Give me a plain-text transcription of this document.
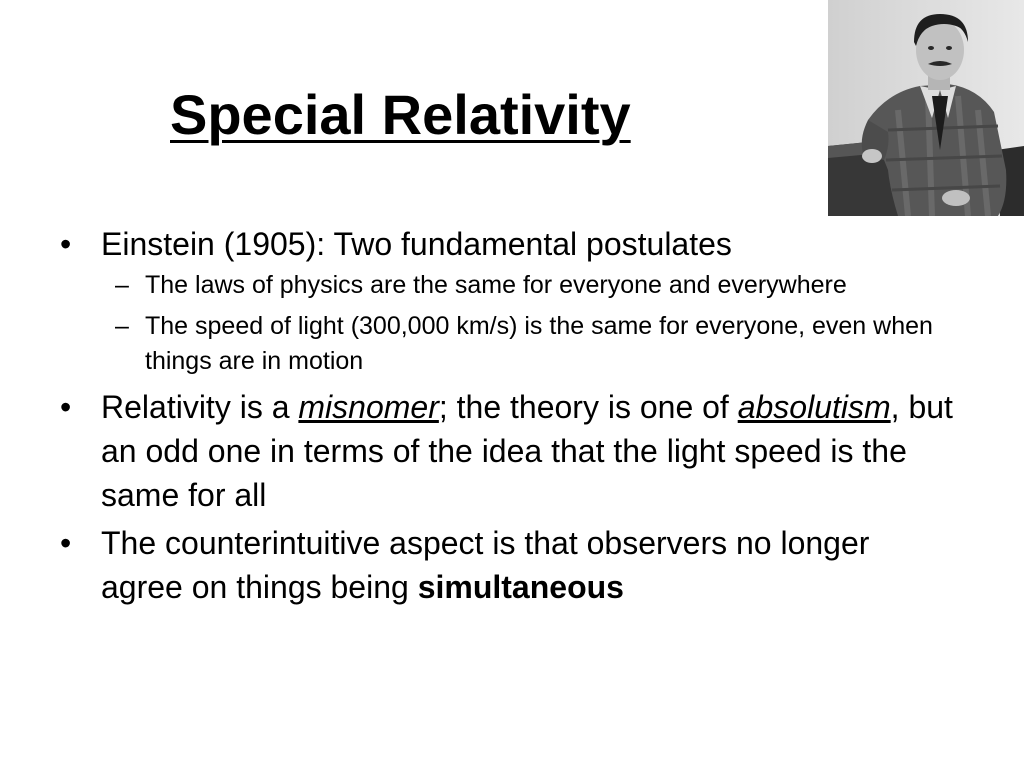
Special Relativity
• Einstein (1905): Two fundamental postulates
– The laws of physics are the same for everyone and everywhere
– The speed of light (300,000 km/s) is the same for everyone, even when things are in motion
• Relativity is a misnomer; the theory is one of absolutism, but an odd one in terms of the idea that the light speed is the same for all
• The counterintuitive aspect is that observers no longer agree on things being simultaneous
